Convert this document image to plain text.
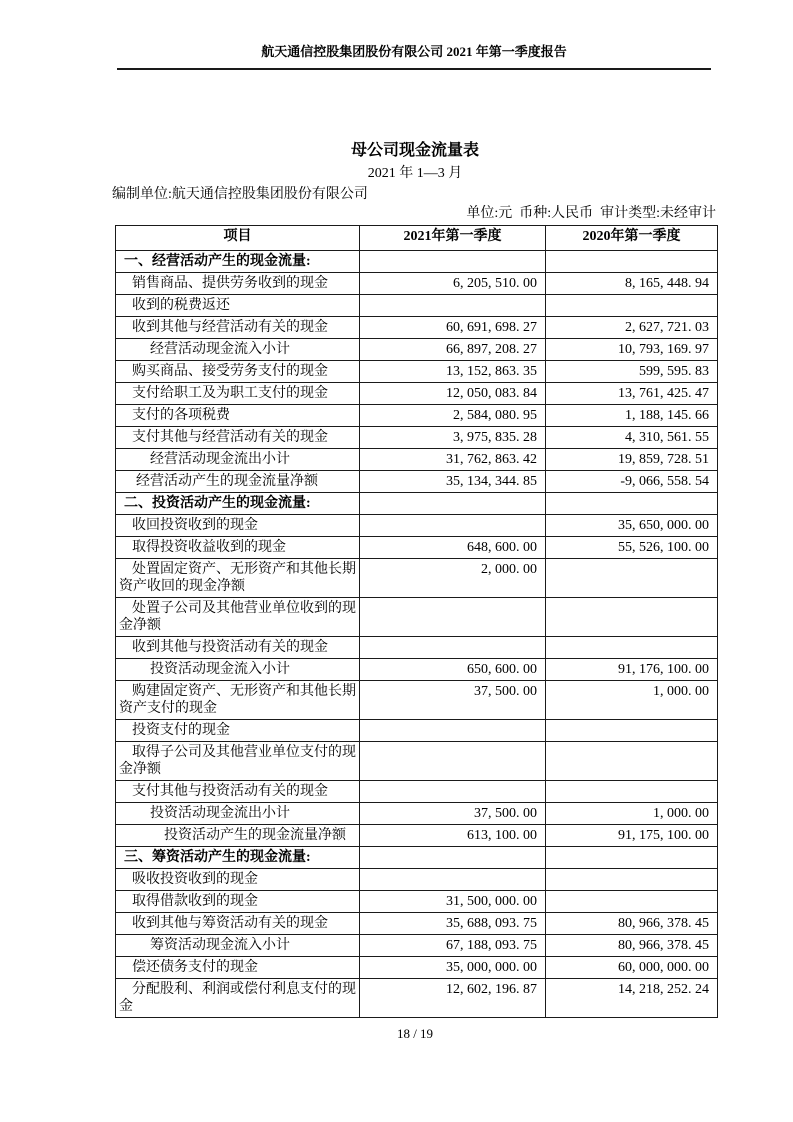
航天通信控股集团股份有限公司 2021 年第一季度报告
母公司现金流量表
2021 年 1—3 月
编制单位:航天通信控股集团股份有限公司
单位:元  币种:人民币  审计类型:未经审计
项目	2021年第一季度	2020年第一季度
一、经营活动产生的现金流量:		
销售商品、提供劳务收到的现金	6, 205, 510. 00	8, 165, 448. 94
收到的税费返还		
收到其他与经营活动有关的现金	60, 691, 698. 27	2, 627, 721. 03
经营活动现金流入小计	66, 897, 208. 27	10, 793, 169. 97
购买商品、接受劳务支付的现金	13, 152, 863. 35	599, 595. 83
支付给职工及为职工支付的现金	12, 050, 083. 84	13, 761, 425. 47
支付的各项税费	2, 584, 080. 95	1, 188, 145. 66
支付其他与经营活动有关的现金	3, 975, 835. 28	4, 310, 561. 55
经营活动现金流出小计	31, 762, 863. 42	19, 859, 728. 51
经营活动产生的现金流量净额	35, 134, 344. 85	-9, 066, 558. 54
二、投资活动产生的现金流量:		
收回投资收到的现金		35, 650, 000. 00
取得投资收益收到的现金	648, 600. 00	55, 526, 100. 00
处置固定资产、无形资产和其他长期资产收回的现金净额	2, 000. 00	
处置子公司及其他营业单位收到的现金净额		
收到其他与投资活动有关的现金		
投资活动现金流入小计	650, 600. 00	91, 176, 100. 00
购建固定资产、无形资产和其他长期资产支付的现金	37, 500. 00	1, 000. 00
投资支付的现金		
取得子公司及其他营业单位支付的现金净额		
支付其他与投资活动有关的现金		
投资活动现金流出小计	37, 500. 00	1, 000. 00
投资活动产生的现金流量净额	613, 100. 00	91, 175, 100. 00
三、筹资活动产生的现金流量:		
吸收投资收到的现金		
取得借款收到的现金	31, 500, 000. 00	
收到其他与筹资活动有关的现金	35, 688, 093. 75	80, 966, 378. 45
筹资活动现金流入小计	67, 188, 093. 75	80, 966, 378. 45
偿还债务支付的现金	35, 000, 000. 00	60, 000, 000. 00
分配股利、利润或偿付利息支付的现金	12, 602, 196. 87	14, 218, 252. 24
18 / 19
